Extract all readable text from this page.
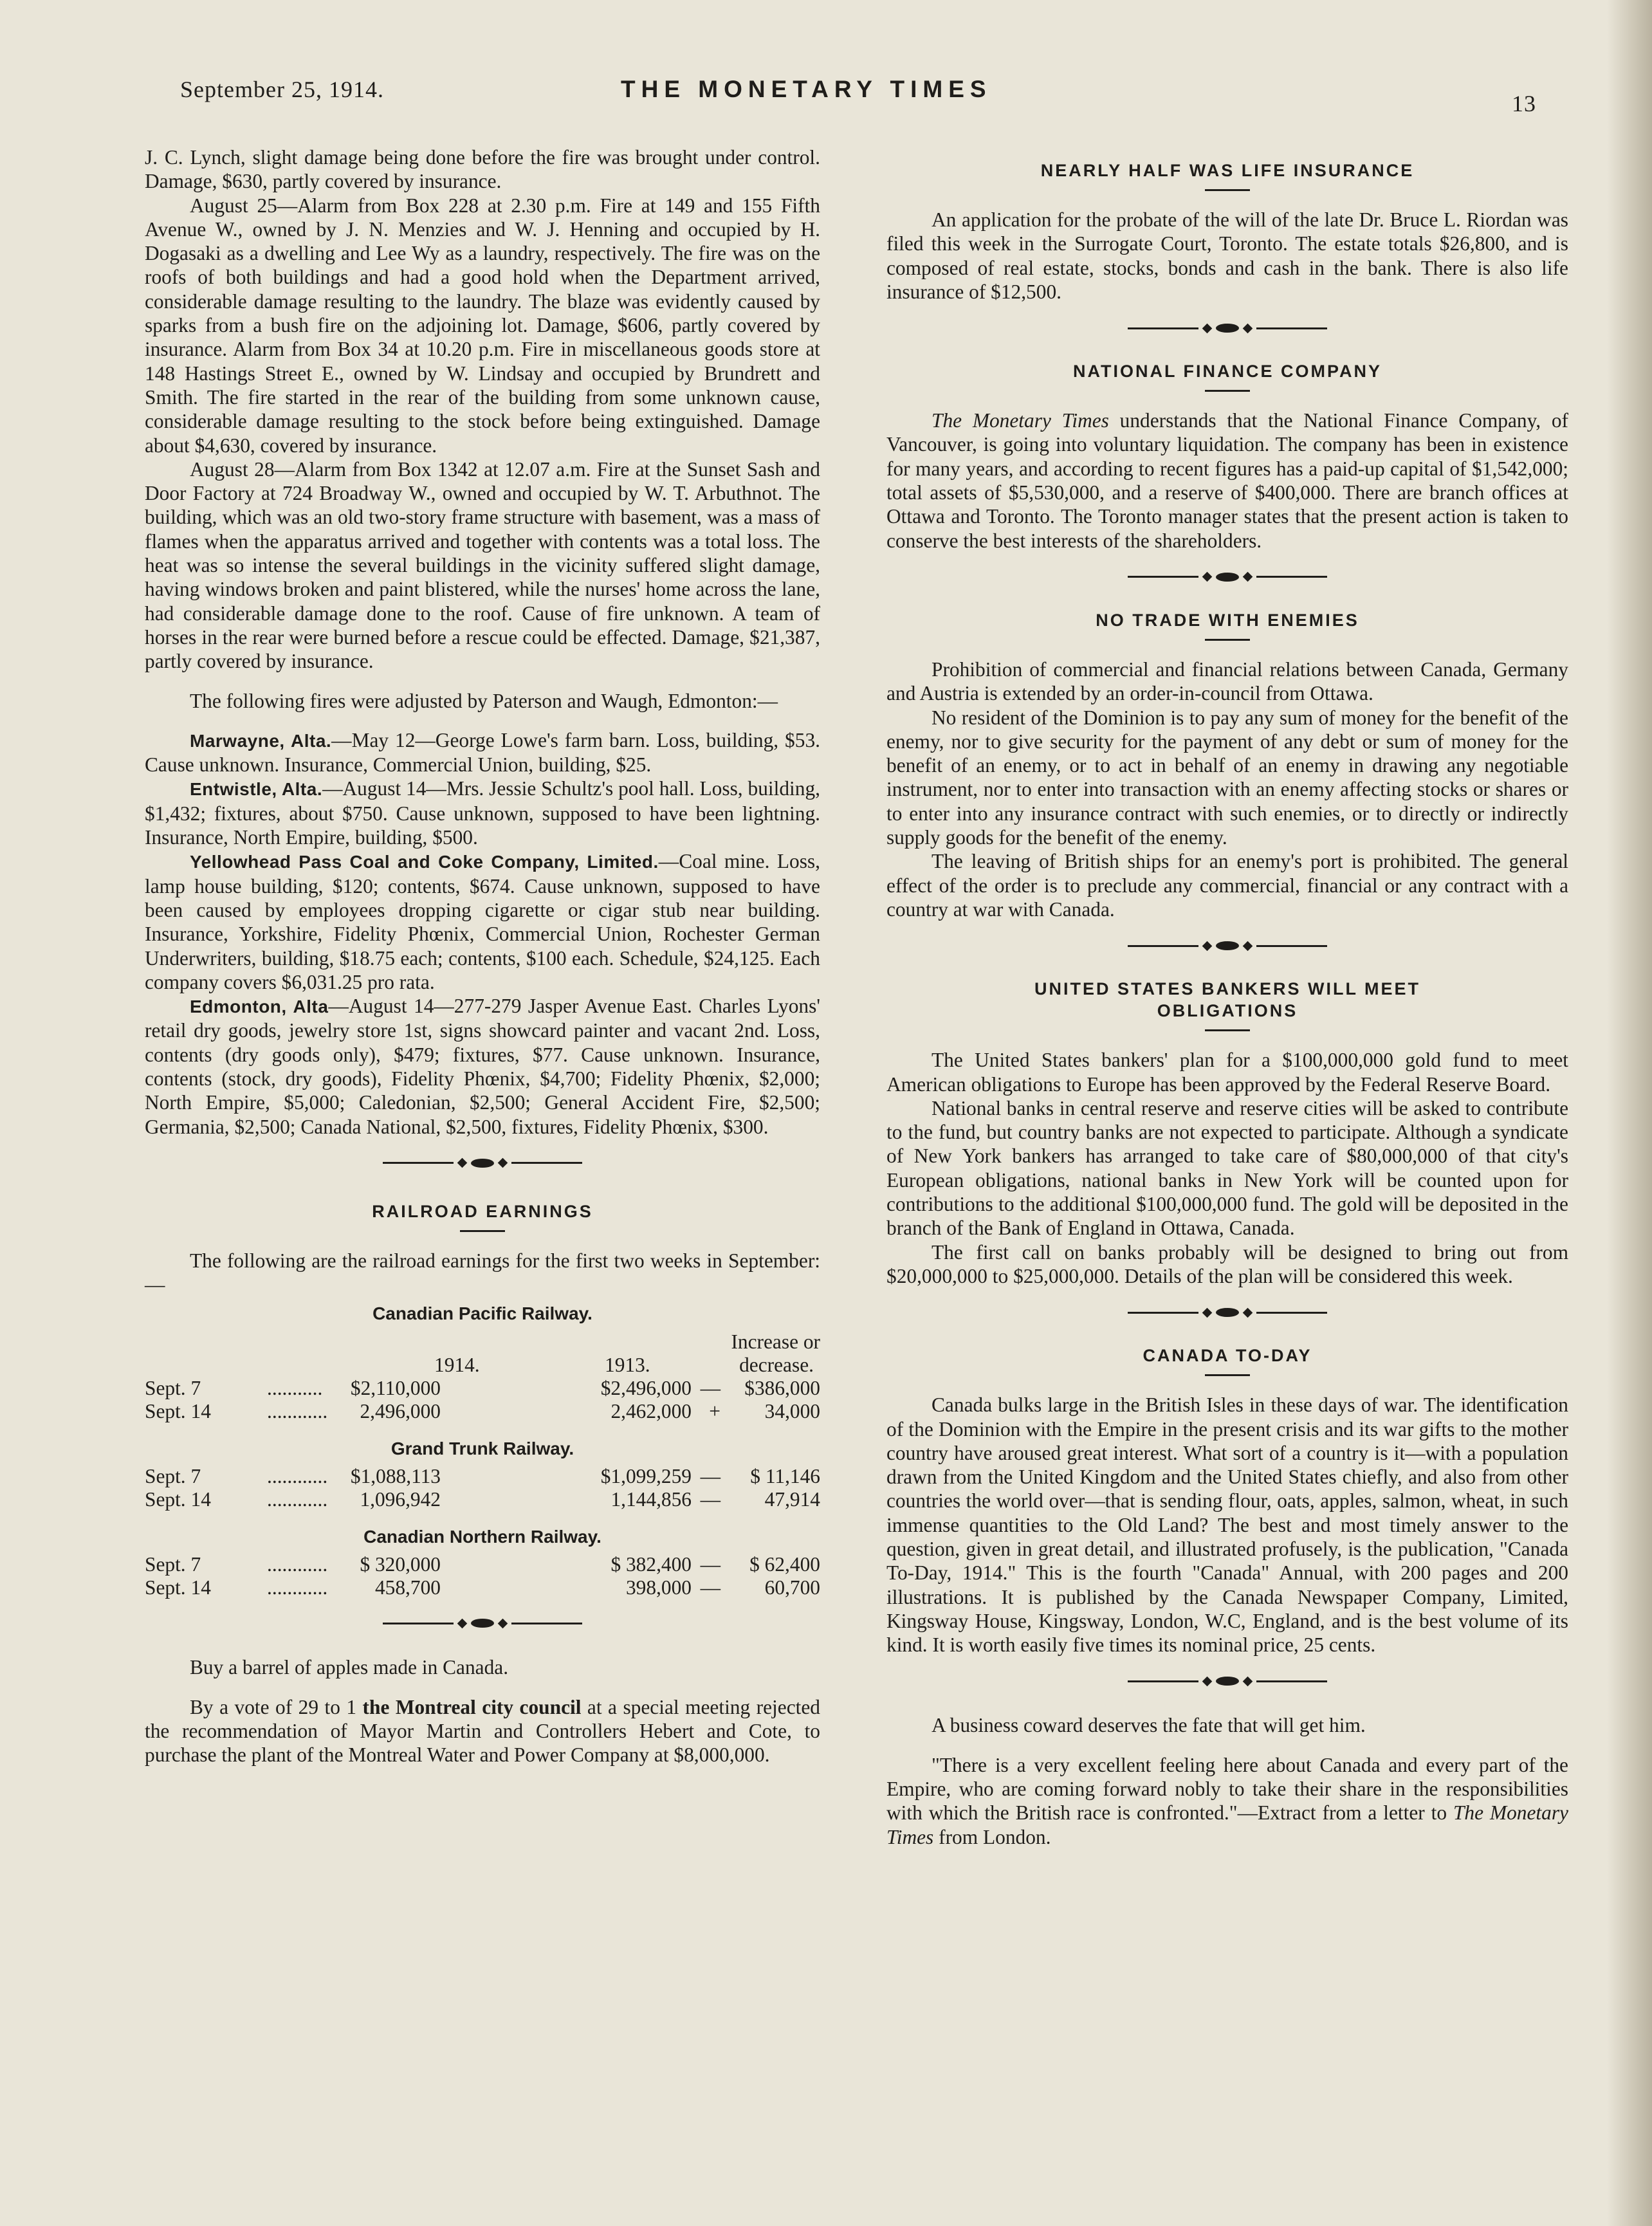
September 25, 1914.	THE MONETARY TIMES
13

J. C. Lynch, slight damage being done before the fire was brought under control. Damage, $630, partly covered by insurance.

August 25—Alarm from Box 228 at 2.30 p.m. Fire at 149 and 155 Fifth Avenue W., owned by J. N. Menzies and W. J. Henning and occupied by H. Dogasaki as a dwelling and Lee Wy as a laundry, respectively. The fire was on the roofs of both buildings and had a good hold when the Department arrived, considerable damage resulting to the laundry. The blaze was evidently caused by sparks from a bush fire on the adjoining lot. Damage, $606, partly covered by insurance. Alarm from Box 34 at 10.20 p.m. Fire in miscellaneous goods store at 148 Hastings Street E., owned by W. Lindsay and occupied by Brundrett and Smith. The fire started in the rear of the building from some unknown cause, considerable damage resulting to the stock before being extinguished. Damage about $4,630, covered by insurance.

August 28—Alarm from Box 1342 at 12.07 a.m. Fire at the Sunset Sash and Door Factory at 724 Broadway W., owned and occupied by W. T. Arbuthnot. The building, which was an old two-story frame structure with basement, was a mass of flames when the apparatus arrived and together with contents was a total loss. The heat was so intense the several buildings in the vicinity suffered slight damage, having windows broken and paint blistered, while the nurses' home across the lane, had considerable damage done to the roof. Cause of fire unknown. A team of horses in the rear were burned before a rescue could be effected. Damage, $21,387, partly covered by insurance.

The following fires were adjusted by Paterson and Waugh, Edmonton:—

Marwayne, Alta.—May 12—George Lowe's farm barn. Loss, building, $53. Cause unknown. Insurance, Commercial Union, building, $25.

Entwistle, Alta.—August 14—Mrs. Jessie Schultz's pool hall. Loss, building, $1,432; fixtures, about $750. Cause unknown, supposed to have been lightning. Insurance, North Empire, building, $500.

Yellowhead Pass Coal and Coke Company, Limited.—Coal mine. Loss, lamp house building, $120; contents, $674. Cause unknown, supposed to have been caused by employees dropping cigarette or cigar stub near building. Insurance, Yorkshire, Fidelity Phœnix, Commercial Union, Rochester German Underwriters, building, $18.75 each; contents, $100 each. Schedule, $24,125. Each company covers $6,031.25 pro rata.

Edmonton, Alta—August 14—277-279 Jasper Avenue East. Charles Lyons' retail dry goods, jewelry store 1st, signs showcard painter and vacant 2nd. Loss, contents (dry goods only), $479; fixtures, $77. Cause unknown. Insurance, contents (stock, dry goods), Fidelity Phœnix, $4,700; Fidelity Phœnix, $2,000; North Empire, $5,000; Caledonian, $2,500; General Accident Fire, $2,500; Germania, $2,500; Canada National, $2,500, fixtures, Fidelity Phœnix, $300.

RAILROAD EARNINGS

The following are the railroad earnings for the first two weeks in September:—

Canadian Pacific Railway.
Increase or
1914.	1913.	decrease.
Sept. 7	........... $2,110,000	$2,496,000 — $386,000
Sept. 14	............ 2,496,000	2,462,000 + 34,000
Grand Trunk Railway.
Sept. 7	............ $1,088,113	$1,099,259 — $ 11,146
Sept. 14	............ 1,096,942	1,144,856 — 47,914
Canadian Northern Railway.
Sept. 7	............ $ 320,000	$ 382,400 — $ 62,400
Sept. 14	............ 458,700	398,000 — 60,700

Buy a barrel of apples made in Canada.

By a vote of 29 to 1 the Montreal city council at a special meeting rejected the recommendation of Mayor Martin and Controllers Hebert and Cote, to purchase the plant of the Montreal Water and Power Company at $8,000,000.

NEARLY HALF WAS LIFE INSURANCE

An application for the probate of the will of the late Dr. Bruce L. Riordan was filed this week in the Surrogate Court, Toronto. The estate totals $26,800, and is composed of real estate, stocks, bonds and cash in the bank. There is also life insurance of $12,500.

NATIONAL FINANCE COMPANY

The Monetary Times understands that the National Finance Company, of Vancouver, is going into voluntary liquidation. The company has been in existence for many years, and according to recent figures has a paid-up capital of $1,542,000; total assets of $5,530,000, and a reserve of $400,000. There are branch offices at Ottawa and Toronto. The Toronto manager states that the present action is taken to conserve the best interests of the shareholders.

NO TRADE WITH ENEMIES

Prohibition of commercial and financial relations between Canada, Germany and Austria is extended by an order-in-council from Ottawa.

No resident of the Dominion is to pay any sum of money for the benefit of the enemy, nor to give security for the payment of any debt or sum of money for the benefit of an enemy, or to act in behalf of an enemy in drawing any negotiable instrument, nor to enter into transaction with an enemy affecting stocks or shares or to enter into any insurance contract with such enemies, or to directly or indirectly supply goods for the benefit of the enemy.

The leaving of British ships for an enemy's port is prohibited. The general effect of the order is to preclude any commercial, financial or any contract with a country at war with Canada.

UNITED STATES BANKERS WILL MEET
OBLIGATIONS

The United States bankers' plan for a $100,000,000 gold fund to meet American obligations to Europe has been approved by the Federal Reserve Board.

National banks in central reserve and reserve cities will be asked to contribute to the fund, but country banks are not expected to participate. Although a syndicate of New York bankers has arranged to take care of $80,000,000 of that city's European obligations, national banks in New York will be counted upon for contributions to the additional $100,000,000 fund. The gold will be deposited in the branch of the Bank of England in Ottawa, Canada.

The first call on banks probably will be designed to bring out from $20,000,000 to $25,000,000. Details of the plan will be considered this week.

CANADA TO-DAY

Canada bulks large in the British Isles in these days of war. The identification of the Dominion with the Empire in the present crisis and its war gifts to the mother country have aroused great interest. What sort of a country is it—with a population drawn from the United Kingdom and the United States chiefly, and also from other countries the world over—that is sending flour, oats, apples, salmon, wheat, in such immense quantities to the Old Land? The best and most timely answer to the question, given in great detail, and illustrated profusely, is the publication, "Canada To-Day, 1914." This is the fourth "Canada" Annual, with 200 pages and 200 illustrations. It is published by the Canada Newspaper Company, Limited, Kingsway House, Kingsway, London, W.C, England, and is the best volume of its kind. It is worth easily five times its nominal price, 25 cents.

A business coward deserves the fate that will get him.

"There is a very excellent feeling here about Canada and every part of the Empire, who are coming forward nobly to take their share in the responsibilities with which the British race is confronted."—Extract from a letter to The Monetary Times from London.
